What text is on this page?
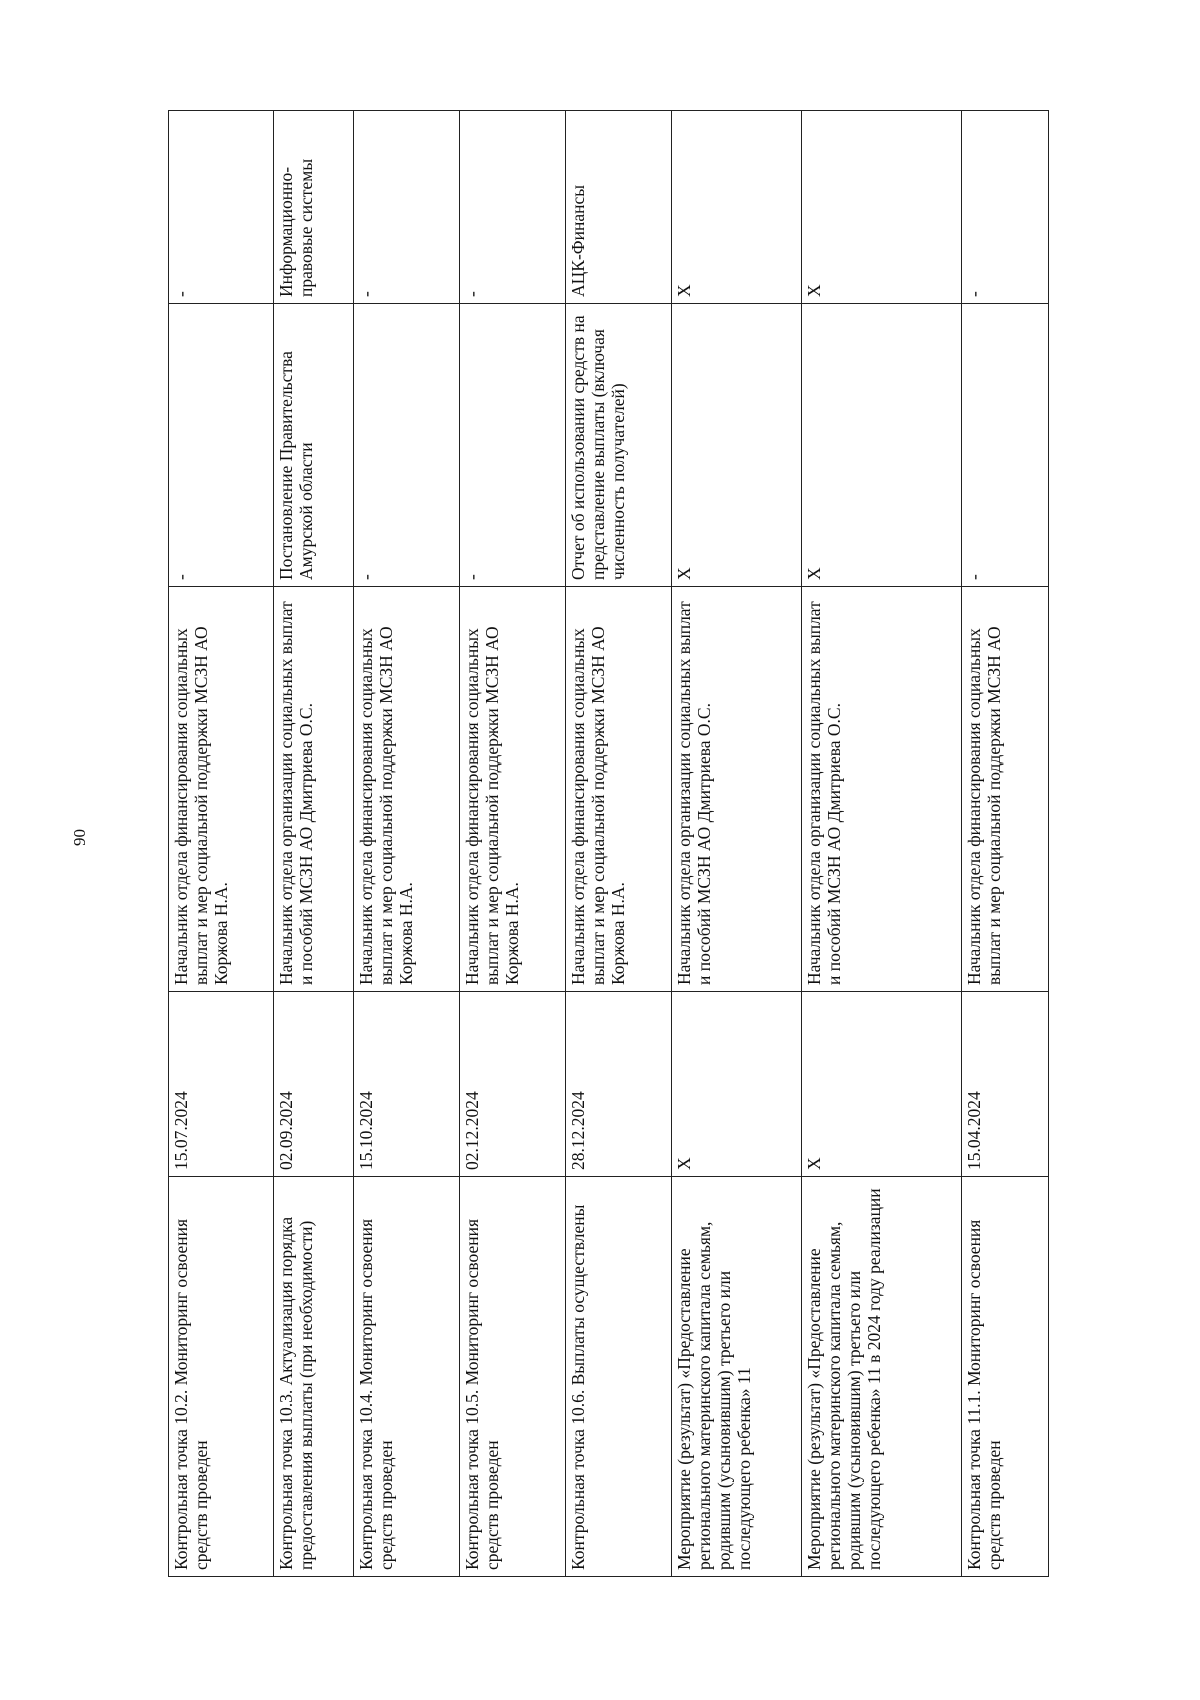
90
Контрольная точка 10.2. Мониторинг освоения средств проведен	15.07.2024	Начальник отдела финансирования социальных выплат и мер социальной поддержки МСЗН АО Коржова Н.А.	-	-
Контрольная точка 10.3. Актуализация порядка предоставления выплаты (при необходимости)	02.09.2024	Начальник отдела организации социальных выплат и пособий МСЗН АО Дмитриева О.С.	Постановление Правительства Амурской области	Информационно-правовые системы
Контрольная точка 10.4. Мониторинг освоения средств проведен	15.10.2024	Начальник отдела финансирования социальных выплат и мер социальной поддержки МСЗН АО Коржова Н.А.	-	-
Контрольная точка 10.5. Мониторинг освоения средств проведен	02.12.2024	Начальник отдела финансирования социальных выплат и мер социальной поддержки МСЗН АО Коржова Н.А.	-	-
Контрольная точка 10.6. Выплаты осуществлены	28.12.2024	Начальник отдела финансирования социальных выплат и мер социальной поддержки МСЗН АО Коржова Н.А.	Отчет об использовании средств на представление выплаты (включая численность получателей)	АЦК-Финансы
Мероприятие (результат) «Предоставление регионального материнского капитала семьям, родившим (усыновившим) третьего или последующего ребенка» 11	X	Начальник отдела организации социальных выплат и пособий МСЗН АО Дмитриева О.С.	X	X
Мероприятие (результат) «Предоставление регионального материнского капитала семьям, родившим (усыновившим) третьего или последующего ребенка» 11 в 2024 году реализации	X	Начальник отдела организации социальных выплат и пособий МСЗН АО Дмитриева О.С.	X	X
Контрольная точка 11.1. Мониторинг освоения средств проведен	15.04.2024	Начальник отдела финансирования социальных выплат и мер социальной поддержки МСЗН АО	-	-
